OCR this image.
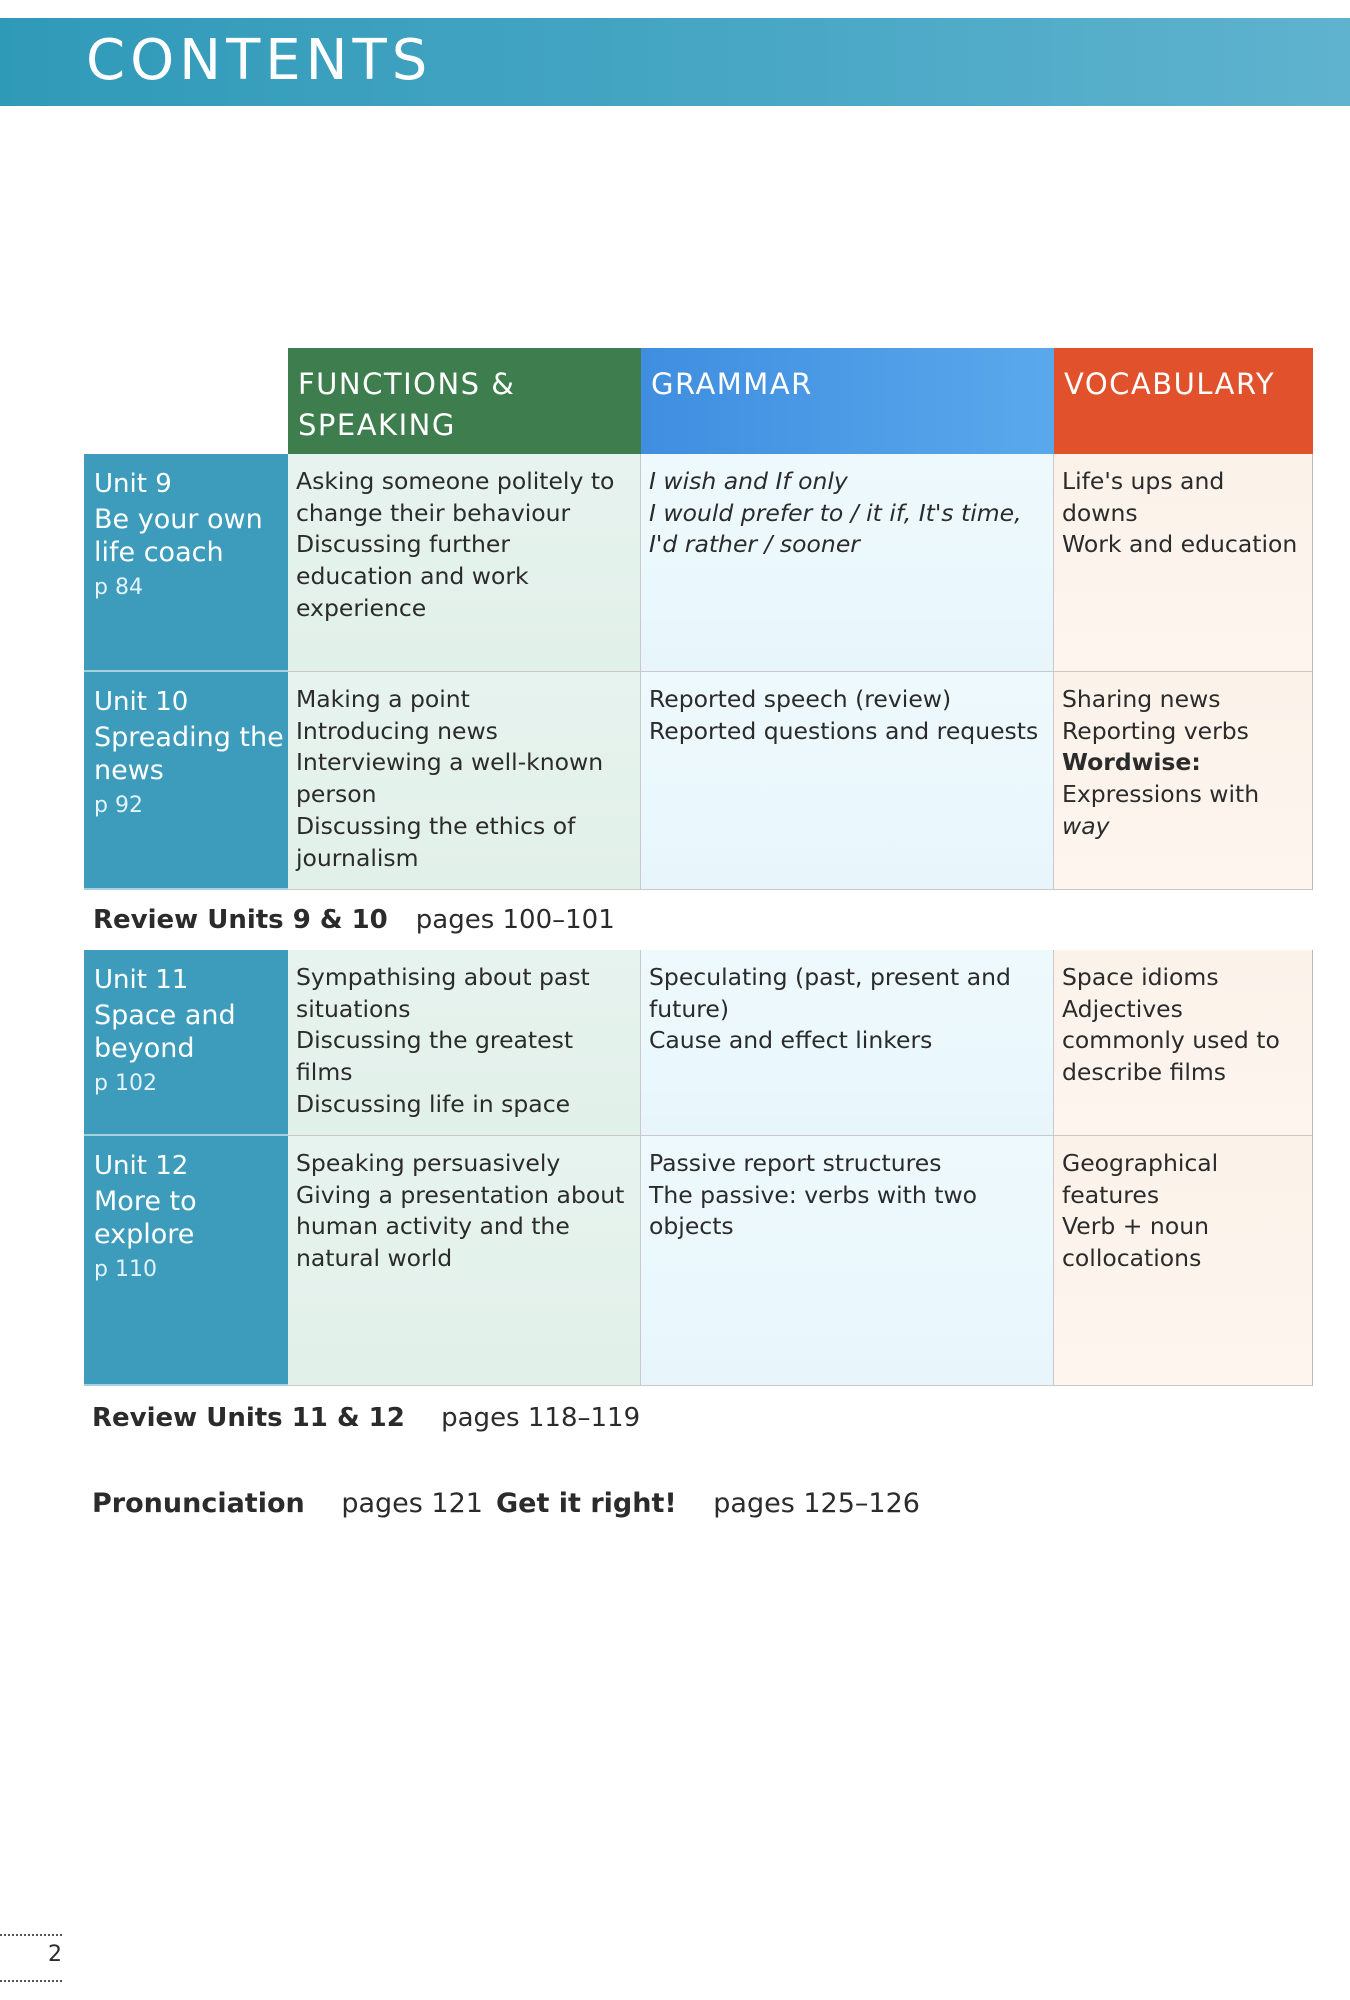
CONTENTS
FUNCTIONS & SPEAKING
GRAMMAR	VOCABULARY
Unit 9
Be your own life coach
p 84
Asking someone politely to change their behaviour
Discussing further education and work experience
I wish and If only
I would prefer to / it if, It's time, I'd rather / sooner
Life's ups and downs
Work and education
Unit 10
Spreading the news
p 92
Making a point
Introducing news
Interviewing a well-known person
Discussing the ethics of journalism
Reported speech (review)
Reported questions and requests
Sharing news
Reporting verbs
Wordwise:
Expressions with way
Review Units 9 & 10 pages 100–101
Unit 11
Space and beyond
p 102
Sympathising about past situations
Discussing the greatest films
Discussing life in space
Speculating (past, present and future)
Cause and effect linkers
Space idioms
Adjectives commonly used to describe films
Unit 12
More to explore
p 110
Speaking persuasively
Giving a presentation about human activity and the natural world
Passive report structures
The passive: verbs with two objects
Geographical features
Verb + noun collocations
Review Units 11 & 12 pages 118–119
Pronunciation pages 121 Get it right! pages 125–126
2
